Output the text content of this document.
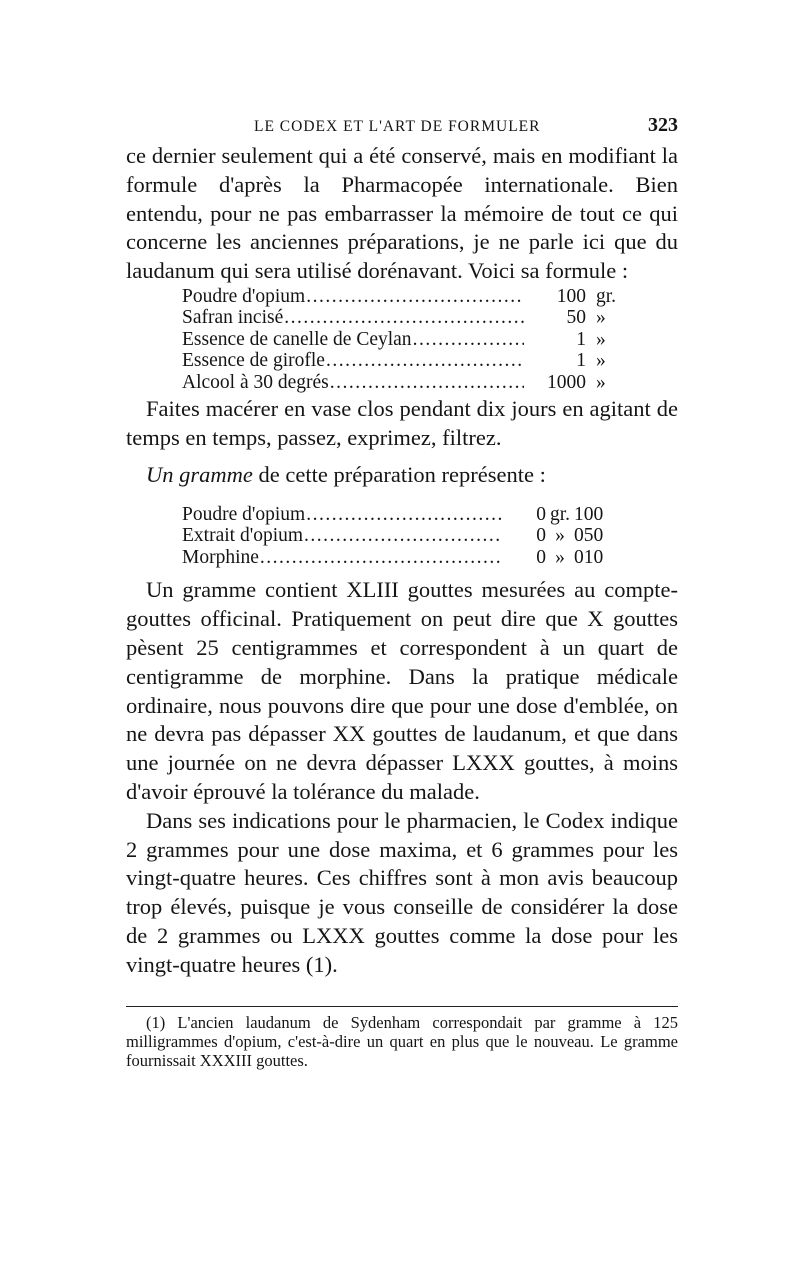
LE CODEX ET L'ART DE FORMULER	323

ce dernier seulement qui a été conservé, mais en modifiant la formule d'après la Pharmacopée internationale. Bien entendu, pour ne pas embarrasser la mémoire de tout ce qui concerne les anciennes préparations, je ne parle ici que du laudanum qui sera utilisé dorénavant. Voici sa formule :

Poudre d'opium .....	100 gr.
Safran incisé .....	50 »
Essence de canelle de Ceylan .....	1 »
Essence de girofle .....	1 »
Alcool à 30 degrés .....	1000 »

Faites macérer en vase clos pendant dix jours en agitant de temps en temps, passez, exprimez, filtrez.

Un gramme de cette préparation représente :

Poudre d'opium .....	0 gr. 100
Extrait d'opium .....	0 » 050
Morphine .....	0 » 010

Un gramme contient XLIII gouttes mesurées au compte-gouttes officinal. Pratiquement on peut dire que X gouttes pèsent 25 centigrammes et correspondent à un quart de centigramme de morphine. Dans la pratique médicale ordinaire, nous pouvons dire que pour une dose d'emblée, on ne devra pas dépasser XX gouttes de laudanum, et que dans une journée on ne devra dépasser LXXX gouttes, à moins d'avoir éprouvé la tolérance du malade.

Dans ses indications pour le pharmacien, le Codex indique 2 grammes pour une dose maxima, et 6 grammes pour les vingt-quatre heures. Ces chiffres sont à mon avis beaucoup trop élevés, puisque je vous conseille de considérer la dose de 2 grammes ou LXXX gouttes comme la dose pour les vingt-quatre heures (1).

(1) L'ancien laudanum de Sydenham correspondait par gramme à 125 milligrammes d'opium, c'est-à-dire un quart en plus que le nouveau. Le gramme fournissait XXXIII gouttes.
